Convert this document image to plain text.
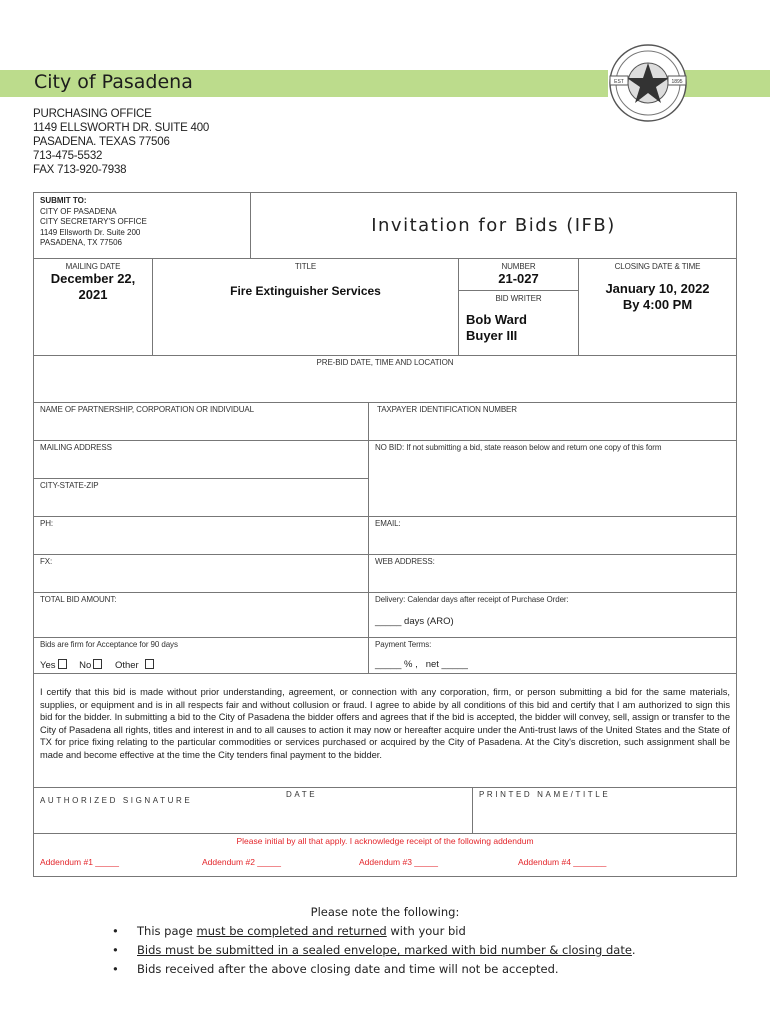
City of Pasadena	EST	1895
PURCHASING OFFICE
1149 ELLSWORTH DR. SUITE 400
PASADENA. TEXAS 77506
713-475-5532
FAX 713-920-7938
SUBMIT TO:
CITY OF PASADENA
CITY SECRETARY'S OFFICE
1149 Ellsworth Dr. Suite 200
PASADENA, TX 77506
Invitation for Bids (IFB)
MAILING DATE
December 22, 2021
TITLE
Fire Extinguisher Services
NUMBER
21-027
BID WRITER
Bob Ward
Buyer III
CLOSING DATE & TIME
January 10, 2022
By 4:00 PM
PRE-BID DATE, TIME AND LOCATION
NAME OF PARTNERSHIP, CORPORATION OR INDIVIDUAL	TAXPAYER IDENTIFICATION NUMBER
MAILING ADDRESS	NO BID: If not submitting a bid, state reason below and return one copy of this form
CITY-STATE-ZIP
PH:	EMAIL:
FX:	WEB ADDRESS:
TOTAL BID AMOUNT:	Delivery: Calendar days after receipt of Purchase Order:
_____ days (ARO)
Bids are firm for Acceptance for 90 days
Yes No Other
Payment Terms:
_____ % ,   net _____
I certify that this bid is made without prior understanding, agreement, or connection with any corporation, firm, or person submitting a bid for the same materials, supplies, or equipment and is in all respects fair and without collusion or fraud. I agree to abide by all conditions of this bid and certify that I am authorized to sign this bid for the bidder. In submitting a bid to the City of Pasadena the bidder offers and agrees that if the bid is accepted, the bidder will convey, sell, assign or transfer to the City of Pasadena all rights, titles and interest in and to all causes to action it may now or hereafter acquire under the Anti-trust laws of the United States and the State of TX for price fixing relating to the particular commodities or services purchased or acquired by the City of Pasadena. At the City's discretion, such assignment shall be made and become effective at the time the City tenders final payment to the bidder.
AUTHORIZED SIGNATURE
DATE	PRINTED NAME/TITLE
Please initial by all that apply. I acknowledge receipt of the following addendum
Addendum #1 _____	Addendum #2 _____	Addendum #3 _____	Addendum #4 _______
Please note the following:
• This page must be completed and returned with your bid
• Bids must be submitted in a sealed envelope, marked with bid number & closing date.
• Bids received after the above closing date and time will not be accepted.
